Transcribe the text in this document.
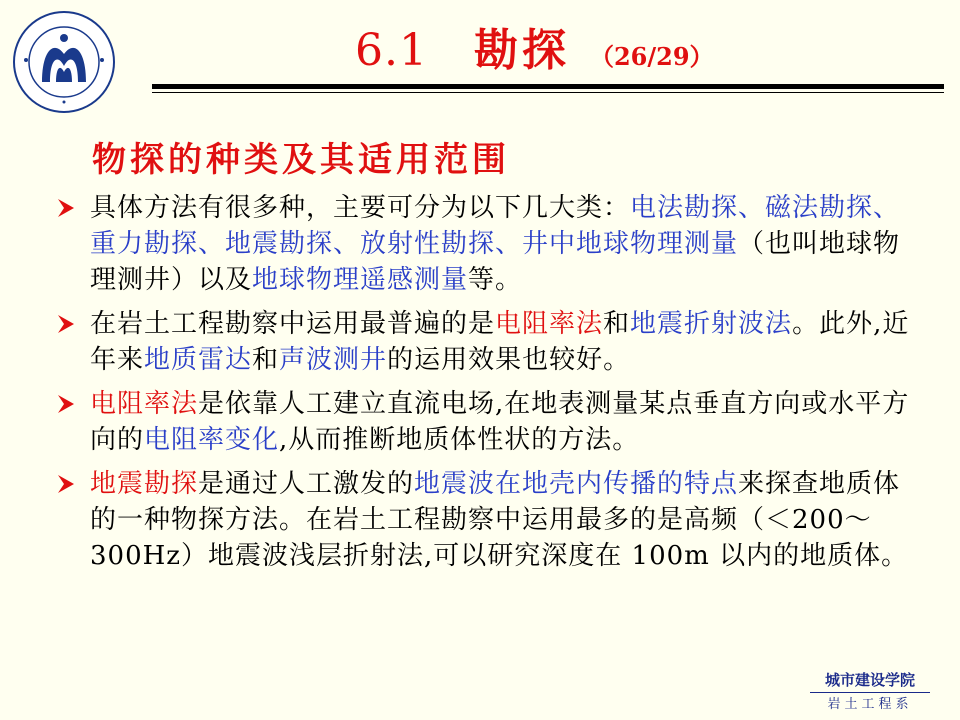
6.1 勘探 （26/29）
物探的种类及其适用范围
具体方法有很多种，主要可分为以下几大类：电法勘探、磁法勘探、重力勘探、地震勘探、放射性勘探、井中地球物理测量（也叫地球物理测井）以及地球物理遥感测量等。
在岩土工程勘察中运用最普遍的是电阻率法和地震折射波法。此外,近年来地质雷达和声波测井的运用效果也较好。
电阻率法是依靠人工建立直流电场,在地表测量某点垂直方向或水平方向的电阻率变化,从而推断地质体性状的方法。
地震勘探是通过人工激发的地震波在地壳内传播的特点来探查地质体的一种物探方法。在岩土工程勘察中运用最多的是高频（＜200～300Hz）地震波浅层折射法,可以研究深度在 100m 以内的地质体。
城市建设学院
岩土工程系
